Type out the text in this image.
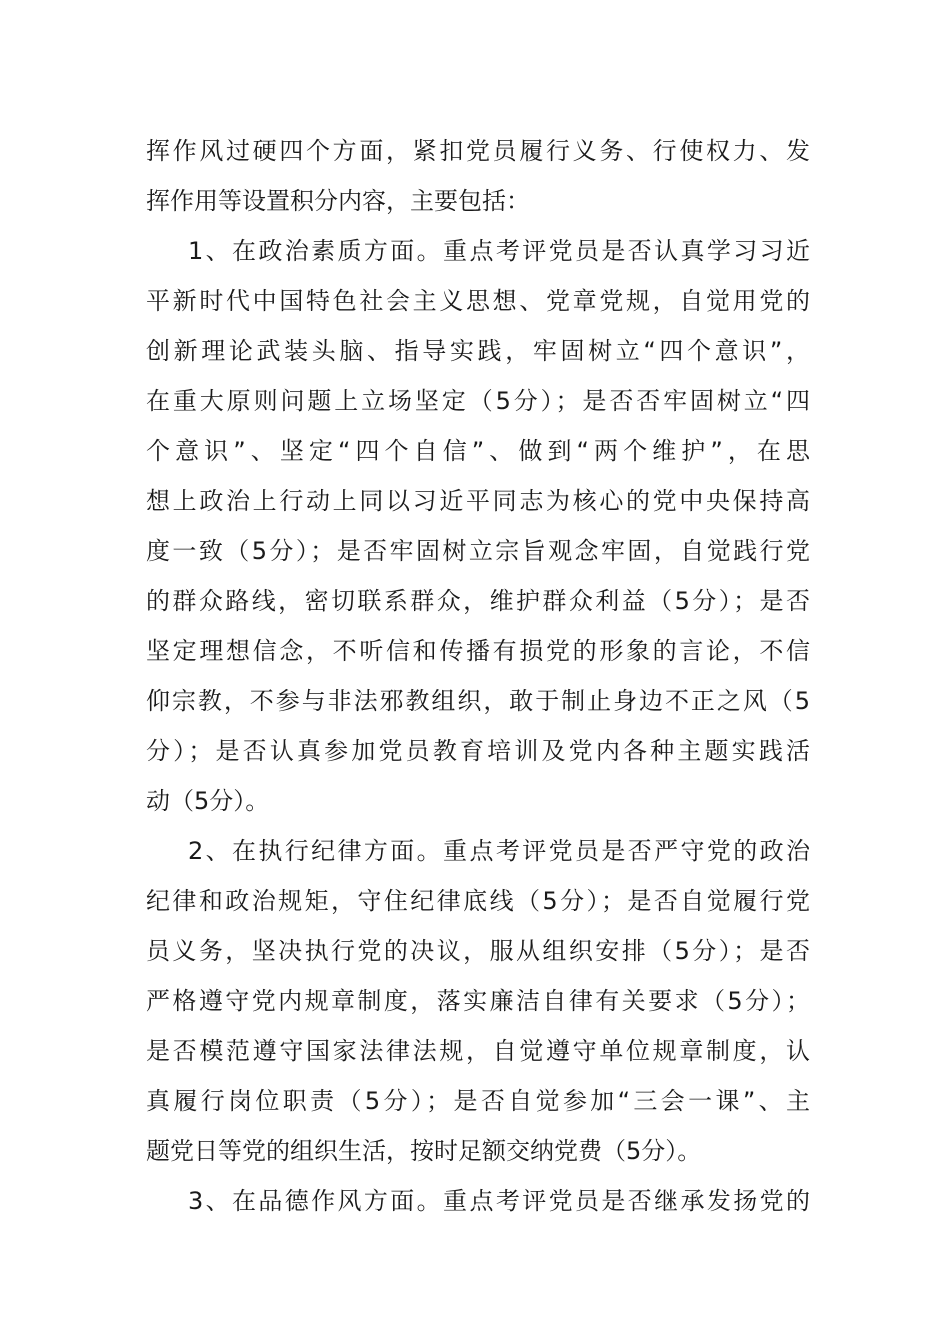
挥作风过硬四个方面，紧扣党员履行义务、行使权力、发
挥作用等设置积分内容，主要包括：
1、在政治素质方面。重点考评党员是否认真学习习近
平新时代中国特色社会主义思想、党章党规，自觉用党的
创新理论武装头脑、指导实践，牢固树立“四个意识”，
在重大原则问题上立场坚定（5分）；是否否牢固树立“四
个意识”、坚定“四个自信”、做到“两个维护”，在思
想上政治上行动上同以习近平同志为核心的党中央保持高
度一致（5分）；是否牢固树立宗旨观念牢固，自觉践行党
的群众路线，密切联系群众，维护群众利益（5分）；是否
坚定理想信念，不听信和传播有损党的形象的言论，不信
仰宗教，不参与非法邪教组织，敢于制止身边不正之风（5
分）；是否认真参加党员教育培训及党内各种主题实践活
动（5分）。
2、在执行纪律方面。重点考评党员是否严守党的政治
纪律和政治规矩，守住纪律底线（5分）；是否自觉履行党
员义务，坚决执行党的决议，服从组织安排（5分）；是否
严格遵守党内规章制度，落实廉洁自律有关要求（5分）；
是否模范遵守国家法律法规，自觉遵守单位规章制度，认
真履行岗位职责（5分）；是否自觉参加“三会一课”、主
题党日等党的组织生活，按时足额交纳党费（5分）。
3、在品德作风方面。重点考评党员是否继承发扬党的
